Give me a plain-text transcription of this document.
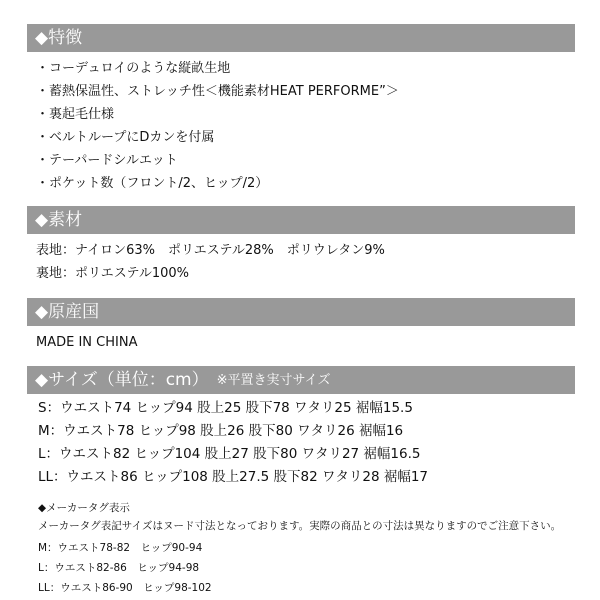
◆特徴
・コーデュロイのような縦畝生地
・蓄熱保温性、ストレッチ性＜機能素材HEAT PERFORME”＞
・裏起毛仕様
・ベルトループにDカンを付属
・テーパードシルエット
・ポケット数（フロント/2、ヒップ/2）
◆素材
表地：ナイロン63%　ポリエステル28%　ポリウレタン9%
裏地：ポリエステル100%
◆原産国
MADE IN CHINA
◆サイズ（単位：cm） ※平置き実寸サイズ
S：ウエスト74 ヒップ94 股上25 股下78 ワタリ25 裾幅15.5
M：ウエスト78 ヒップ98 股上26 股下80 ワタリ26 裾幅16
L：ウエスト82 ヒップ104 股上27 股下80 ワタリ27 裾幅16.5
LL：ウエスト86 ヒップ108 股上27.5 股下82 ワタリ28 裾幅17
◆メーカータグ表示
メーカータグ表記サイズはヌード寸法となっております。実際の商品との寸法は異なりますのでご注意下さい。
M：ウエスト78-82　ヒップ90-94
L：ウエスト82-86　ヒップ94-98
LL：ウエスト86-90　ヒップ98-102
